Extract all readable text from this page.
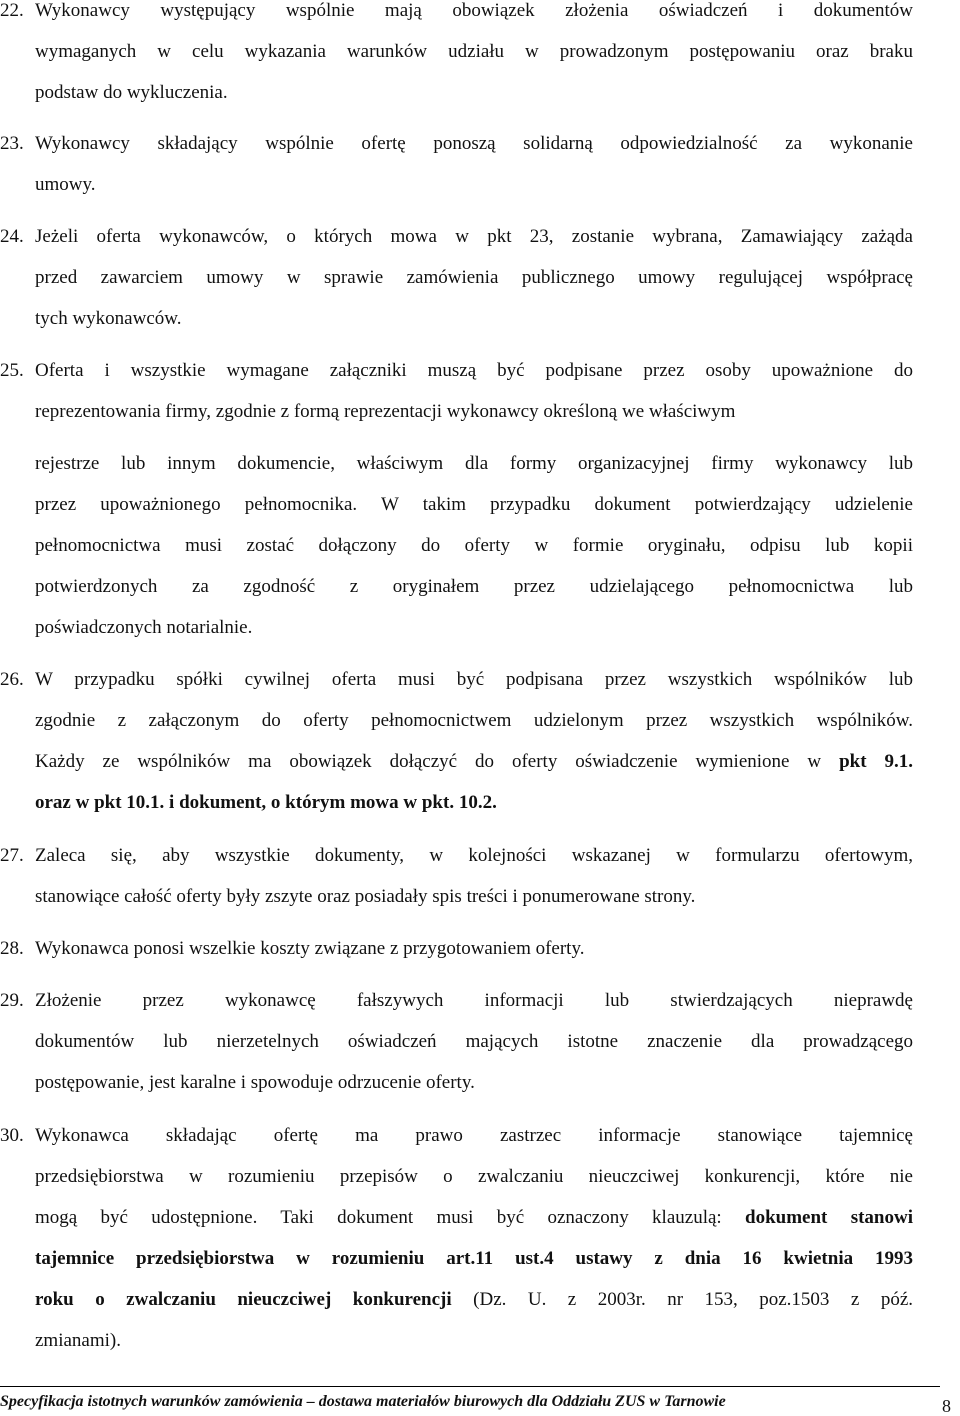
22. Wykonawcy występujący wspólnie mają obowiązek złożenia oświadczeń i dokumentów
wymaganych w celu wykazania warunków udziału w prowadzonym postępowaniu oraz braku
podstaw do wykluczenia.
23. Wykonawcy składający wspólnie ofertę ponoszą solidarną odpowiedzialność za wykonanie
umowy.
24. Jeżeli oferta wykonawców, o których mowa w pkt 23, zostanie wybrana, Zamawiający zażąda
przed zawarciem umowy w sprawie zamówienia publicznego umowy regulującej współpracę
tych wykonawców.
25. Oferta i wszystkie wymagane załączniki muszą być podpisane przez osoby upoważnione do
reprezentowania firmy, zgodnie z formą reprezentacji wykonawcy określoną we właściwym
rejestrze lub innym dokumencie, właściwym dla formy organizacyjnej firmy wykonawcy lub
przez upoważnionego pełnomocnika. W takim przypadku dokument potwierdzający udzielenie
pełnomocnictwa musi zostać dołączony do oferty w formie oryginału, odpisu lub kopii
potwierdzonych za zgodność z oryginałem przez udzielającego pełnomocnictwa lub
poświadczonych notarialnie.
26. W przypadku spółki cywilnej oferta musi być podpisana przez wszystkich wspólników lub
zgodnie z załączonym do oferty pełnomocnictwem udzielonym przez wszystkich wspólników.
Każdy ze wspólników ma obowiązek dołączyć do oferty oświadczenie wymienione w pkt 9.1.
oraz w pkt 10.1. i dokument, o którym mowa w pkt. 10.2.
27. Zaleca się, aby wszystkie dokumenty, w kolejności wskazanej w formularzu ofertowym,
stanowiące całość oferty były zszyte oraz posiadały spis treści i ponumerowane strony.
28. Wykonawca ponosi wszelkie koszty związane z przygotowaniem oferty.
29. Złożenie przez wykonawcę fałszywych informacji lub stwierdzających nieprawdę
dokumentów lub nierzetelnych oświadczeń mających istotne znaczenie dla prowadzącego
postępowanie, jest karalne i spowoduje odrzucenie oferty.
30. Wykonawca składając ofertę ma prawo zastrzec informacje stanowiące tajemnicę
przedsiębiorstwa w rozumieniu przepisów o zwalczaniu nieuczciwej konkurencji, które nie
mogą być udostępnione. Taki dokument musi być oznaczony klauzulą: dokument stanowi
tajemnice przedsiębiorstwa w rozumieniu art.11 ust.4 ustawy z dnia 16 kwietnia 1993
roku o zwalczaniu nieuczciwej konkurencji (Dz. U. z 2003r. nr 153, poz.1503 z póź.
zmianami).
Specyfikacja istotnych warunków zamówienia – dostawa materiałów biurowych dla Oddziału ZUS w Tarnowie	8
